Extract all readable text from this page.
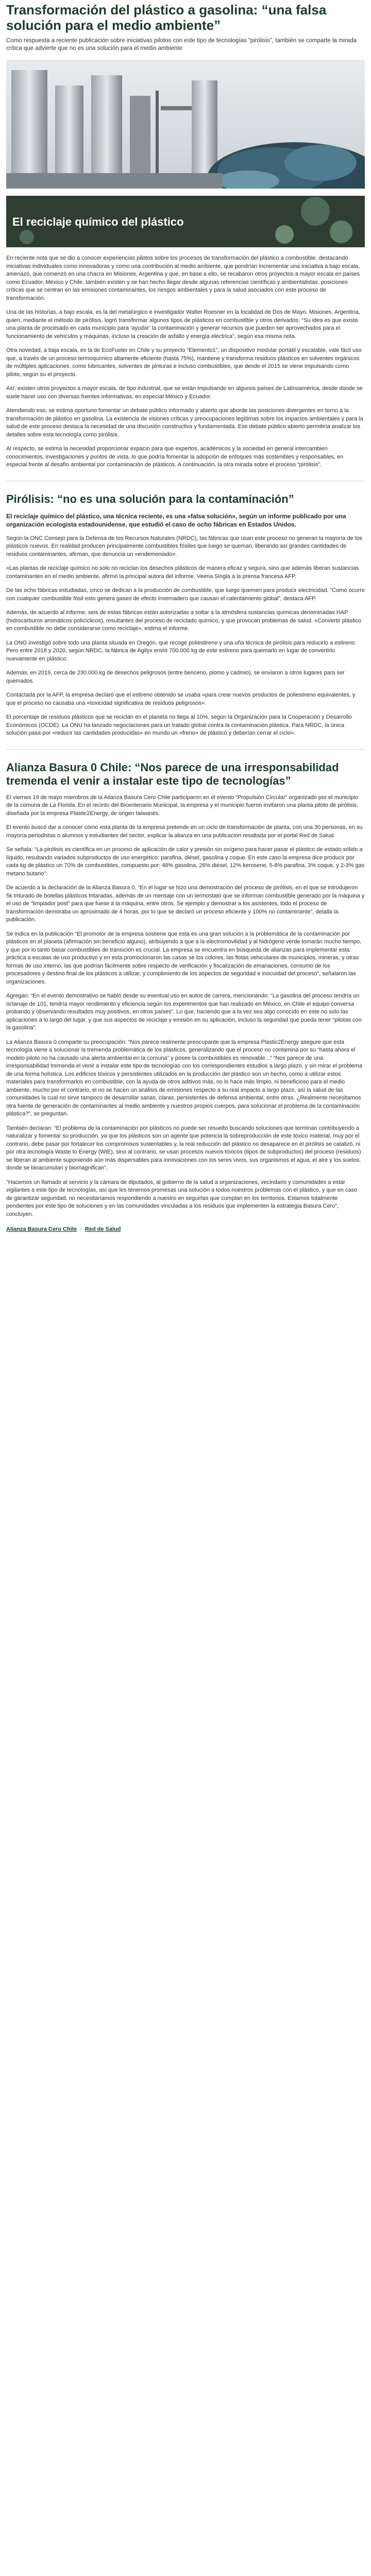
Transformación del plástico a gasolina: “una falsa solución para el medio ambiente”

Como respuesta a reciente publicación sobre iniciativas pilotos con este tipo de tecnologías “pirólisis”, también se comparte la mirada crítica que advierte que no es una solución para el medio ambiente

El reciclaje químico del plástico

En reciente nota que se dio a conocer experiencias pilotos sobre los procesos de transformación del plástico a combustible, destacando iniciativas individuales como innovadoras y como una contribución al medio ambiente, que pondrían incrementar una iniciativa a bajo escala, amenazó, que comenzó en una chacra en Misiones, Argentina y que, en base a ello, se recabaron otros proyectos a mayor escala en países como Ecuador, México y Chile, también existen y se han hecho llegar desde algunas referencias científicas y ambientalistas, posiciones críticas que se centran en las emisiones contaminantes, los riesgos ambientales y para la salud asociados con este proceso de transformación.

Una de las historias, a bajo escala, es la del metalúrgico e investigador Walter Roesner en la localidad de Dos de Mayo, Misiones, Argentina, quien, mediante el método de pirólisis, logró transformar algunos tipos de plásticos en combustible y otros derivados. “Su idea es que exista una planta de procesado en cada municipio para ‘ayudar’ la contaminación y generar recursos que pueden ser aprovechados para el funcionamiento de vehículos y máquinas, incluso la creación de asfalto y energía eléctrica”, según esa misma nota.

Otra novedad, a baja escala, es la de EcoFueler en Chile y su proyecto “Elemento1”, un dispositivo modular portátil y escalable, vale fácil uso que, a través de un proceso termoquímico altamente eficiente (hasta 75%), mantiene y transforma residuos plásticos en solventes orgánicos de múltiples aplicaciones, como lubricantes, solventes de pinturas e incluso combustibles, que desde el 2015 se viene impulsando como piloto, según su el proyecto.

Así, existen otros proyectos a mayor escala, de tipo industrial, que se están impulsando en algunos países de Latinoamérica, desde donde se suele hacer uso con diversas fuentes informativas, en especial México y Ecuador.

Atendiendo eso, se estima oportuno fomentar un debate público informado y abierto que aborde las posiciones divergentes en torno a la transformación de plástico en gasolina. La existencia de visiones críticas y preocupaciones legítimas sobre los impactos ambientales y para la salud de este proceso destaca la necesidad de una discusión constructiva y fundamentada. Ese debate público abierto permitiría analizar los detalles sobre esta tecnología como pirólisis.

Al respecto, se estima la necesidad proporcionar espacio para que expertos, académicos y la sociedad en general intercambien conocimientos, investigaciones y puntos de vista, lo que podría fomentar la adopción de enfoques más sostenibles y responsables, en especial frente al desafío ambiental por contaminación de plásticos. A continuación, la otra mirada sobre el proceso “pirólisis”.

Pirólisis: “no es una solución para la contaminación”

El reciclaje químico del plástico, una técnica reciente, es una «falsa solución», según un informe publicado por una organización ecologista estadounidense, que estudió el caso de ocho fábricas en Estados Unidos.

Según la ONC Consejo para la Defensa de los Recursos Naturales (NRDC), las fábricas que usan este proceso no generan la mayoría de los plásticos nuevos. En realidad producen principalmente combustibles fósiles que luego se queman, liberando así grandes cantidades de residuos contaminantes, afirman, que denuncia un «endemoniado».

«Las plantas de reciclaje químico no solo no reciclan los desechos plásticos de manera eficaz y segura, sino que además liberan sustancias contaminantes en el medio ambiente, afirmó la principal autora del informe, Veena Singla a la prensa francesa AFP.

De las ocho fábricas estudiadas, cinco se dedican a la producción de combustible, que luego quemen para producir electricidad. “Como ocurre con cualquier combustible fósil esto genera gases de efecto invernadero que causan el calentamiento global”, destaca AFP.

Además, de acuerdo al informe, seis de estas fábricas están autorizadas a soltar a la atmósfera sustancias químicas denominadas HAP (hidrocarburos aromáticos policíclicos), resultantes del proceso de reciclado químico, y que provocan problemas de salud. «Convertir plástico en combustible no debe considerarse como reciclaje», estima el informe.

La ONG investigó sobre todo una planta situada en Oregón, que recoge poliestireno y una uña técnica de pirólisis para reducirlo a estireno. Pero entre 2018 y 2020, según NRDC, la fábrica de Agilyx envió 700.000 kg de este estireno para quemarlo en lugar de convertirlo nuevamente en plástico.

Además, en 2019, cerca de 230.000 kg de desechos peligrosos (entre benceno, plomo y cadmio), se enviaron a otros lugares para ser quemados.

Contactada por la AFP, la empresa declaró que el estireno obtenido se usaba «para crear nuevos productos de poliestireno equivalentes, y que el proceso no causaba una «toxicidad significativa de residuos peligrosos».

El porcentaje de residuos plásticos que se reciclan en el planeta no llega al 10%, según la Organización para la Cooperación y Desarrollo Económicos (OCDE). La ONU ha lanzado negociaciones para un tratado global contra la contaminación plástica. Para NRDC, la única solución pasa por «reducir las cantidades producidas» en mundo un «freno» de plástico y deberían cerrar el ciclo».

Alianza Basura 0 Chile: “Nos parece de una irresponsabilidad tremenda el venir a instalar este tipo de tecnologías”

El viernes 19 de mayo miembros de la Alianza Basura Cero Chile participaron en el evento “Propulsión Circular” organizado por el municipio de la comuna de La Florida. En el recinto del Bicentenario Municipal, la empresa y el municipio fueron invitaron una planta piloto de pirólisis, diseñada por la empresa Plastic2Energy, de origen taiwanés.

El evento buscó dar a conocer cómo esta planta de la empresa pretende en un ciclo de transformación de planta, con una 30 personas, en su mayoría periodistas o alumnos y estudiantes del sector, explicar la alianza en una publicación resaltada por el portal Red de Salud.

Se señala: “La pirólisis es científica en un proceso de aplicación de calor y presión sin oxígeno para hacer pasar el plástico de estado sólido a líquido, resultando variados subproductos de uso energético: parafina, diésel, gasolina y coque. En este caso la empresa dice producir por cada kg de plástico un 70% de combustibles, compuesto por: 48% gasolina, 26% diésel, 12% kerosene, 5-8% parafina, 3% coque, y 2-3% gas metano butano”.

De acuerdo a la declaración de la Alianza Basura 0, “En el lugar se hizo una demostración del proceso de pirólisis, en el que se introdujeron 5k triturado de botellas plásticos tritaradas, además de un mensaje con un termostato que se informan combustible generado por la máquina y el uso de “limpiador post” para que fuese a la máquina, entre otros. Se ejemplo y demostrar a los asistentes, todo el proceso de transformación demoraba un aproximado de 4 horas, por lo que se declaró un proceso eficiente y 100% no contaminante”, detalla la publicación.

Se indica en la publicación “El promotor de la empresa sostiene que esta es una gran solución a la problemática de la contaminación por plásticos en el planeta (afirmación sin beneficio alguno), atribuyendo a que a la electromovilidad y al hidrógeno verde tomarán mucho tiempo, y que por lo tanto basar combustibles de transición es crucial. La empresa se encuentra en búsqueda de alianzas para implementar esta práctica a escalas de uso productivo y en esta promocionaron las casas se los colores, las flotas vehiculares de municipios, mineras, y otras formas de uso interno; las que podrían fácilmente sobre respecto de verificación y fiscalización de emanaciones, consumo de los procesadores y destino final de los plásticos a utilizar, y cumplimiento de los aspectos de seguridad e inocuidad del proceso”, señalaron las organizaciones.

Agregan: “En el evento demostrativo se habló desde su eventual uso en autos de carrera, mencionando: “La gasolina del proceso tendría un octanaje de 101, tendría mayor rendimiento y eficiencia según los experimentos que han realizado en México, en Chile el equipo conversa probando y observando resultados muy positivos, en otros países”. Lo que, haciendo que a la vez sea algo conocido en este no solo las aplicaciones a lo largo del lugar, y que sus aspectos de reciclaje y emisión en su aplicación, incluso la seguridad que pueda tener “pilotas con la gasolina”.

La Alianza Basura 0 comparte su preocupación: “Nos parece realmente preocupante que la empresa Plastic2Energy asegure que esta tecnología viene a solucionar la tremenda problemática de los plásticos, generalizando que el proceso no contamina por su “hasta ahora el modelo piloto no ha causado una alerta ambiental en la comuna” y posee la combustibles es renovable...” “Nos parece de una irresponsabilidad tremenda el venir a instalar este tipo de tecnologías con los correspondientes estudios a largo plazo, y sin mirar el problema de una forma holística. Los edificios tóxicos y persistentes utilizados en la producción del plástico son un hecho, como a utilizar estos materiales para transformarlos en combustible, con la ayuda de otros aditivos más, no lo hace más limpio, ni beneficioso para el medio ambiente, mucho por el contrario, el no se hacen un análisis de emisiones respecto a su real impacto a largo plazo, así la salud de las comunidades la cual no sirve tampoco de desarrollar sanas, claras, persistentes de defensa ambiental, entre otras. ¿Realmente necesitamos otra fuente de generación de contaminantes al medio ambiente y nuestros propios cuerpos, para solucionar el problema de la contaminación plástica?”, se preguntan.

También declaran: “El problema de la contaminación por plásticos no puede ser resuelto buscando soluciones que terminan contribuyendo a naturalizar y fomentar su producción, ya que los plásticos son un agente que potencia la sobreproducción de este tóxico material, muy por el contrario, debe pasar por fortalecer los compromisos sustentables y, la real reducción del plástico no desaparece en el pirólisis se catalizó, ni por otra tecnología Waste to Energy (WtE), sino al contrario, se usan procesos nuevos tóxicos (tipos de subproductos) del proceso (residuos) se liberan al ambiente suponiendo aún más dispersables para innovaciones con los seres vivos, sus organismos el agua, el aire y los suelos, donde se bioacumulan y biomagnifican”.

“Hacemos un llamado al servicio y la cámara de diputados, al gobierno de la salud a organizaciones, vecindario y comunidades a estar vigilantes a este tipo de tecnologías, así que les tenemos promesas una solución a todos nuestros problemas con el plástico, y que en caso de garantizar seguridad, no necesitaríamos respondiendo a nuestro en seguirlas que cumplan en los territorios. Estamos totalmente pendientes por este tipo de soluciones y en las comunidades vinculadas a los residuos que implementen la estrategia Basura Cero”, concluyen.

Alianza Basura Cero Chile  ·  Red de Salud
